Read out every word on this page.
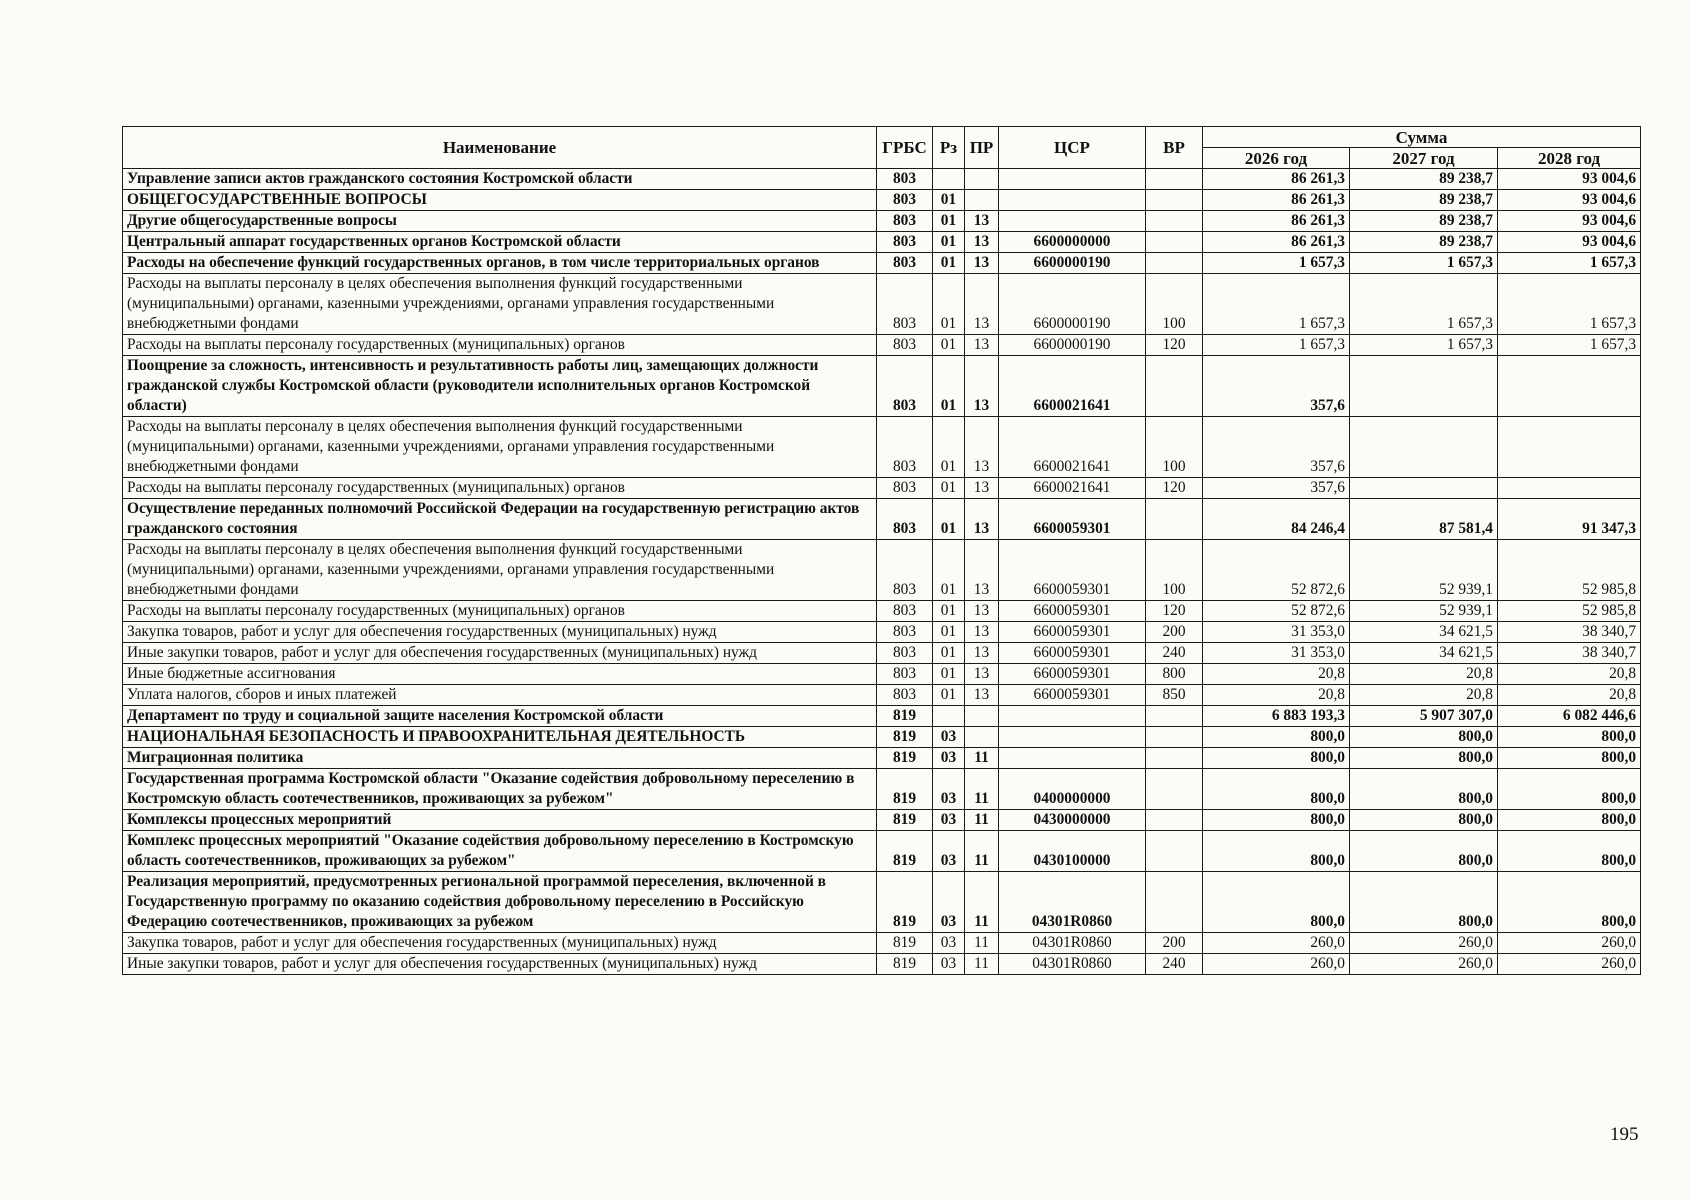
Наименование	ГРБС	Рз	ПР	ЦСР	ВР	Сумма		
						2026 год	2027 год	2028 год
Управление записи актов гражданского состояния Костромской области	803					86 261,3	89 238,7	93 004,6
ОБЩЕГОСУДАРСТВЕННЫЕ ВОПРОСЫ	803	01				86 261,3	89 238,7	93 004,6
Другие общегосударственные вопросы	803	01	13			86 261,3	89 238,7	93 004,6
Центральный аппарат государственных органов Костромской области	803	01	13	6600000000		86 261,3	89 238,7	93 004,6
Расходы на обеспечение функций государственных органов, в том числе территориальных органов	803	01	13	6600000190		1 657,3	1 657,3	1 657,3
Расходы на выплаты персоналу в целях обеспечения выполнения функций государственными (муниципальными) органами, казенными учреждениями, органами управления государственными внебюджетными фондами	803	01	13	6600000190	100	1 657,3	1 657,3	1 657,3
Расходы на выплаты персоналу государственных (муниципальных) органов	803	01	13	6600000190	120	1 657,3	1 657,3	1 657,3
Поощрение за сложность, интенсивность и результативность работы лиц, замещающих должности гражданской службы Костромской области (руководители исполнительных органов Костромской области)	803	01	13	6600021641		357,6		
Расходы на выплаты персоналу в целях обеспечения выполнения функций государственными (муниципальными) органами, казенными учреждениями, органами управления государственными внебюджетными фондами	803	01	13	6600021641	100	357,6		
Расходы на выплаты персоналу государственных (муниципальных) органов	803	01	13	6600021641	120	357,6		
Осуществление переданных полномочий Российской Федерации на государственную регистрацию актов гражданского состояния	803	01	13	6600059301		84 246,4	87 581,4	91 347,3
Расходы на выплаты персоналу в целях обеспечения выполнения функций государственными (муниципальными) органами, казенными учреждениями, органами управления государственными внебюджетными фондами	803	01	13	6600059301	100	52 872,6	52 939,1	52 985,8
Расходы на выплаты персоналу государственных (муниципальных) органов	803	01	13	6600059301	120	52 872,6	52 939,1	52 985,8
Закупка товаров, работ и услуг для обеспечения государственных (муниципальных) нужд	803	01	13	6600059301	200	31 353,0	34 621,5	38 340,7
Иные закупки товаров, работ и услуг для обеспечения государственных (муниципальных) нужд	803	01	13	6600059301	240	31 353,0	34 621,5	38 340,7
Иные бюджетные ассигнования	803	01	13	6600059301	800	20,8	20,8	20,8
Уплата налогов, сборов и иных платежей	803	01	13	6600059301	850	20,8	20,8	20,8
Департамент по труду и социальной защите населения Костромской области	819					6 883 193,3	5 907 307,0	6 082 446,6
НАЦИОНАЛЬНАЯ БЕЗОПАСНОСТЬ И ПРАВООХРАНИТЕЛЬНАЯ ДЕЯТЕЛЬНОСТЬ	819	03				800,0	800,0	800,0
Миграционная политика	819	03	11			800,0	800,0	800,0
Государственная программа Костромской области "Оказание содействия добровольному переселению в Костромскую область соотечественников, проживающих за рубежом"	819	03	11	0400000000		800,0	800,0	800,0
Комплексы процессных мероприятий	819	03	11	0430000000		800,0	800,0	800,0
Комплекс процессных мероприятий "Оказание содействия добровольному переселению в Костромскую область соотечественников, проживающих за рубежом"	819	03	11	0430100000		800,0	800,0	800,0
Реализация мероприятий, предусмотренных региональной программой переселения, включенной в Государственную программу по оказанию содействия добровольному переселению в Российскую Федерацию соотечественников, проживающих за рубежом	819	03	11	04301R0860		800,0	800,0	800,0
Закупка товаров, работ и услуг для обеспечения государственных (муниципальных) нужд	819	03	11	04301R0860	200	260,0	260,0	260,0
Иные закупки товаров, работ и услуг для обеспечения государственных (муниципальных) нужд	819	03	11	04301R0860	240	260,0	260,0	260,0
195
